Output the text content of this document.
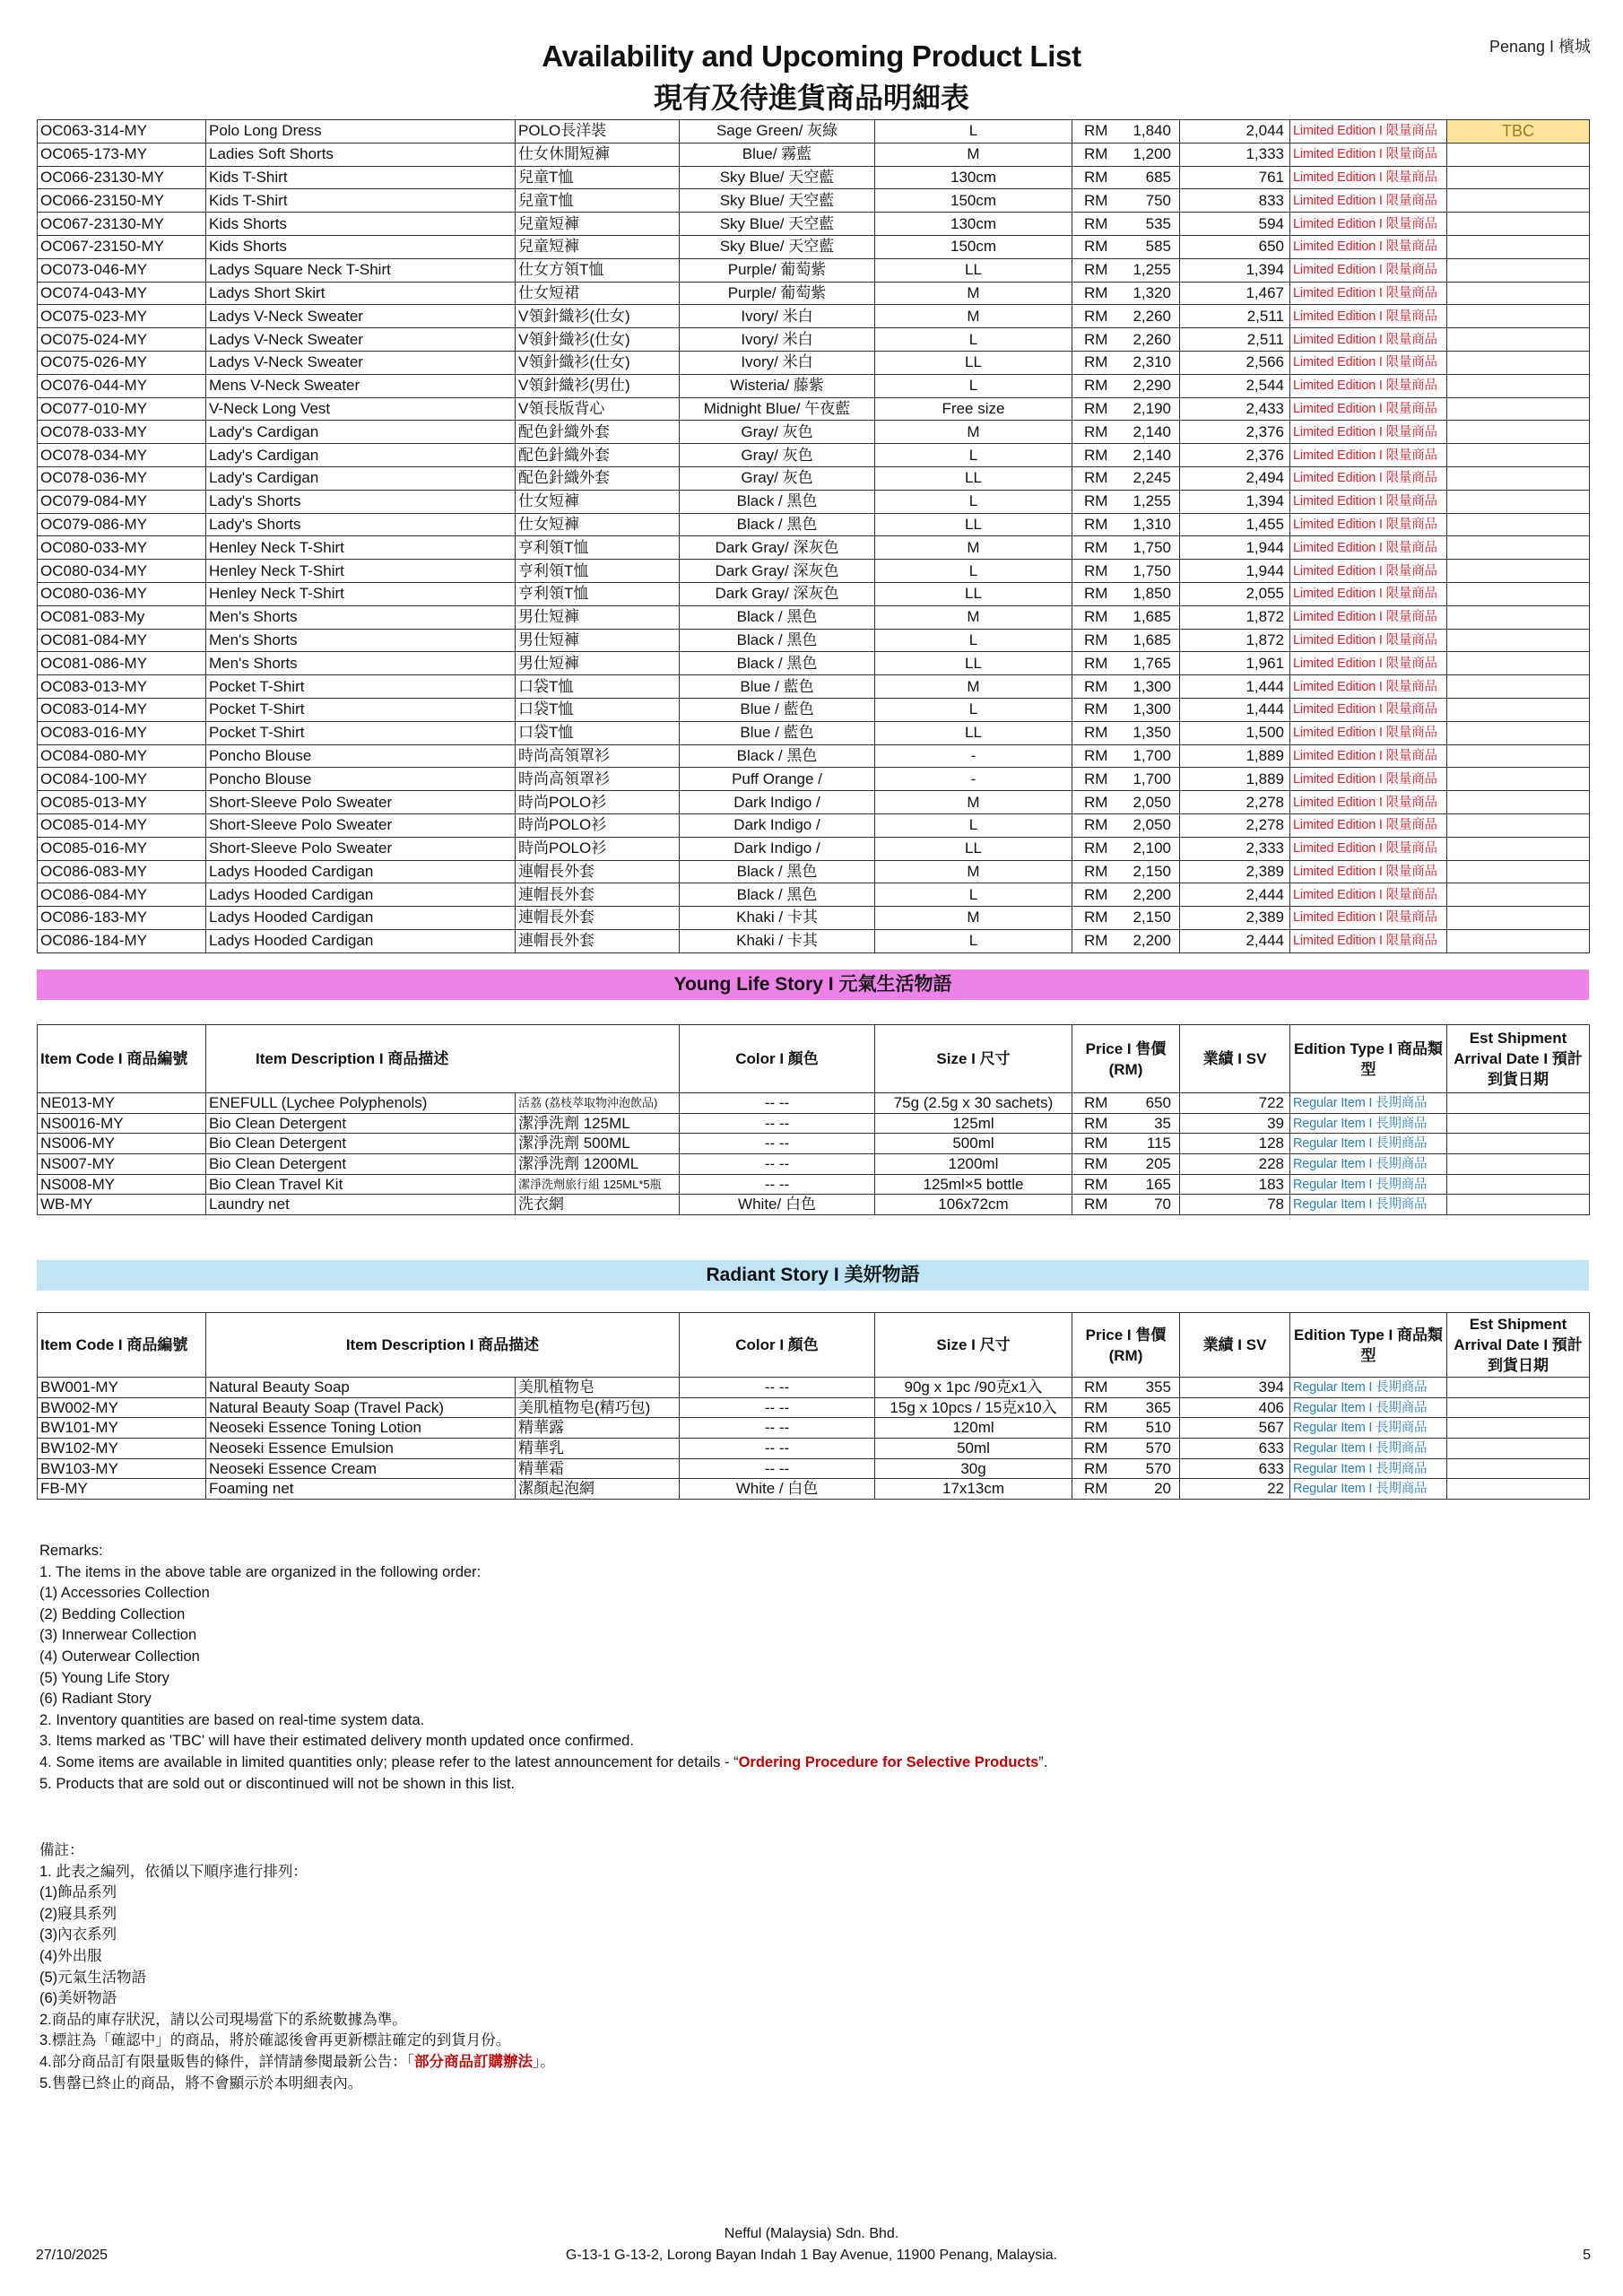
Penang I 檳城
Availability and Upcoming Product List
現有及待進貨商品明細表
OC063-314-MY	Polo Long Dress	POLO長洋裝	Sage Green/ 灰綠	L	RM 1,840	2,044	Limited Edition I 限量商品	TBC
OC065-173-MY	Ladies Soft Shorts	仕女休閒短褲	Blue/ 霧藍	M	RM 1,200	1,333	Limited Edition I 限量商品	
OC066-23130-MY	Kids T-Shirt	兒童T恤	Sky Blue/ 天空藍	130cm	RM 685	761	Limited Edition I 限量商品	
OC066-23150-MY	Kids T-Shirt	兒童T恤	Sky Blue/ 天空藍	150cm	RM 750	833	Limited Edition I 限量商品	
OC067-23130-MY	Kids Shorts	兒童短褲	Sky Blue/ 天空藍	130cm	RM 535	594	Limited Edition I 限量商品	
OC067-23150-MY	Kids Shorts	兒童短褲	Sky Blue/ 天空藍	150cm	RM 585	650	Limited Edition I 限量商品	
OC073-046-MY	Ladys Square Neck T-Shirt	仕女方領T恤	Purple/ 葡萄紫	LL	RM 1,255	1,394	Limited Edition I 限量商品	
OC074-043-MY	Ladys Short Skirt	仕女短裙	Purple/ 葡萄紫	M	RM 1,320	1,467	Limited Edition I 限量商品	
OC075-023-MY	Ladys V-Neck Sweater	V領針織衫(仕女)	Ivory/ 米白	M	RM 2,260	2,511	Limited Edition I 限量商品	
OC075-024-MY	Ladys V-Neck Sweater	V領針織衫(仕女)	Ivory/ 米白	L	RM 2,260	2,511	Limited Edition I 限量商品	
OC075-026-MY	Ladys V-Neck Sweater	V領針織衫(仕女)	Ivory/ 米白	LL	RM 2,310	2,566	Limited Edition I 限量商品	
OC076-044-MY	Mens V-Neck Sweater	V領針織衫(男仕)	Wisteria/ 藤紫	L	RM 2,290	2,544	Limited Edition I 限量商品	
OC077-010-MY	V-Neck Long Vest	V領長版背心	Midnight Blue/ 午夜藍	Free size	RM 2,190	2,433	Limited Edition I 限量商品	
OC078-033-MY	Lady's Cardigan	配色針織外套	Gray/ 灰色	M	RM 2,140	2,376	Limited Edition I 限量商品	
OC078-034-MY	Lady's Cardigan	配色針織外套	Gray/ 灰色	L	RM 2,140	2,376	Limited Edition I 限量商品	
OC078-036-MY	Lady's Cardigan	配色針織外套	Gray/ 灰色	LL	RM 2,245	2,494	Limited Edition I 限量商品	
OC079-084-MY	Lady's Shorts	仕女短褲	Black / 黑色	L	RM 1,255	1,394	Limited Edition I 限量商品	
OC079-086-MY	Lady's Shorts	仕女短褲	Black / 黑色	LL	RM 1,310	1,455	Limited Edition I 限量商品	
OC080-033-MY	Henley Neck T-Shirt	亨利領T恤	Dark Gray/ 深灰色	M	RM 1,750	1,944	Limited Edition I 限量商品	
OC080-034-MY	Henley Neck T-Shirt	亨利領T恤	Dark Gray/ 深灰色	L	RM 1,750	1,944	Limited Edition I 限量商品	
OC080-036-MY	Henley Neck T-Shirt	亨利領T恤	Dark Gray/ 深灰色	LL	RM 1,850	2,055	Limited Edition I 限量商品	
OC081-083-My	Men's Shorts	男仕短褲	Black / 黑色	M	RM 1,685	1,872	Limited Edition I 限量商品	
OC081-084-MY	Men's Shorts	男仕短褲	Black / 黑色	L	RM 1,685	1,872	Limited Edition I 限量商品	
OC081-086-MY	Men's Shorts	男仕短褲	Black / 黑色	LL	RM 1,765	1,961	Limited Edition I 限量商品	
OC083-013-MY	Pocket T-Shirt	口袋T恤	Blue / 藍色	M	RM 1,300	1,444	Limited Edition I 限量商品	
OC083-014-MY	Pocket T-Shirt	口袋T恤	Blue / 藍色	L	RM 1,300	1,444	Limited Edition I 限量商品	
OC083-016-MY	Pocket T-Shirt	口袋T恤	Blue / 藍色	LL	RM 1,350	1,500	Limited Edition I 限量商品	
OC084-080-MY	Poncho Blouse	時尚高領罩衫	Black / 黑色	-	RM 1,700	1,889	Limited Edition I 限量商品	
OC084-100-MY	Poncho Blouse	時尚高領罩衫	Puff Orange /	-	RM 1,700	1,889	Limited Edition I 限量商品	
OC085-013-MY	Short-Sleeve Polo Sweater	時尚POLO衫	Dark Indigo /	M	RM 2,050	2,278	Limited Edition I 限量商品	
OC085-014-MY	Short-Sleeve Polo Sweater	時尚POLO衫	Dark Indigo /	L	RM 2,050	2,278	Limited Edition I 限量商品	
OC085-016-MY	Short-Sleeve Polo Sweater	時尚POLO衫	Dark Indigo /	LL	RM 2,100	2,333	Limited Edition I 限量商品	
OC086-083-MY	Ladys Hooded Cardigan	連帽長外套	Black / 黑色	M	RM 2,150	2,389	Limited Edition I 限量商品	
OC086-084-MY	Ladys Hooded Cardigan	連帽長外套	Black / 黑色	L	RM 2,200	2,444	Limited Edition I 限量商品	
OC086-183-MY	Ladys Hooded Cardigan	連帽長外套	Khaki / 卡其	M	RM 2,150	2,389	Limited Edition I 限量商品	
OC086-184-MY	Ladys Hooded Cardigan	連帽長外套	Khaki / 卡其	L	RM 2,200	2,444	Limited Edition I 限量商品	
Young Life Story I 元氣生活物語
Item Code I 商品編號	Item Description I 商品描述		Color I 顏色	Size I 尺寸	Price I 售價 (RM)	業績 I SV	Edition Type I 商品類型	Est Shipment Arrival Date I 預計到貨日期
NE013-MY	ENEFULL (Lychee Polyphenols)	活荔 (荔枝萃取物沖泡飲品)	-- --	75g (2.5g x 30 sachets)	RM 650	722	Regular Item I 長期商品	
NS0016-MY	Bio Clean Detergent	潔淨洗劑 125ML	-- --	125ml	RM 35	39	Regular Item I 長期商品	
NS006-MY	Bio Clean Detergent	潔淨洗劑 500ML	-- --	500ml	RM 115	128	Regular Item I 長期商品	
NS007-MY	Bio Clean Detergent	潔淨洗劑 1200ML	-- --	1200ml	RM 205	228	Regular Item I 長期商品	
NS008-MY	Bio Clean Travel Kit	潔淨洗劑旅行組 125ML*5瓶	-- --	125ml×5 bottle	RM 165	183	Regular Item I 長期商品	
WB-MY	Laundry net	洗衣網	White/ 白色	106x72cm	RM 70	78	Regular Item I 長期商品	
Radiant Story I 美妍物語
Item Code I 商品編號	Item Description I 商品描述		Color I 顏色	Size I 尺寸	Price I 售價 (RM)	業績 I SV	Edition Type I 商品類型	Est Shipment Arrival Date I 預計到貨日期
BW001-MY	Natural Beauty Soap	美肌植物皂	-- --	90g x 1pc /90克x1入	RM 355	394	Regular Item I 長期商品	
BW002-MY	Natural Beauty Soap (Travel Pack)	美肌植物皂(精巧包)	-- --	15g x 10pcs / 15克x10入	RM 365	406	Regular Item I 長期商品	
BW101-MY	Neoseki Essence Toning Lotion	精華露	-- --	120ml	RM 510	567	Regular Item I 長期商品	
BW102-MY	Neoseki Essence Emulsion	精華乳	-- --	50ml	RM 570	633	Regular Item I 長期商品	
BW103-MY	Neoseki Essence Cream	精華霜	-- --	30g	RM 570	633	Regular Item I 長期商品	
FB-MY	Foaming net	潔顏起泡網	White / 白色	17x13cm	RM 20	22	Regular Item I 長期商品	
Remarks:
1. The items in the above table are organized in the following order:
(1) Accessories Collection
(2) Bedding Collection
(3) Innerwear Collection
(4) Outerwear Collection
(5) Young Life Story
(6) Radiant Story
2. Inventory quantities are based on real-time system data.
3. Items marked as 'TBC' will have their estimated delivery month updated once confirmed.
4. Some items are available in limited quantities only; please refer to the latest announcement for details - “Ordering Procedure for Selective Products”.
5. Products that are sold out or discontinued will not be shown in this list.
備註：
1. 此表之編列，依循以下順序進行排列：
(1)飾品系列
(2)寢具系列
(3)內衣系列
(4)外出服
(5)元氣生活物語
(6)美妍物語
2.商品的庫存狀況，請以公司現場當下的系統數據為準。
3.標註為「確認中」的商品，將於確認後會再更新標註確定的到貨月份。
4.部分商品訂有限量販售的條件，詳情請參閱最新公告：「部分商品訂購辦法」。
5.售罄已終止的商品，將不會顯示於本明細表內。
Nefful (Malaysia) Sdn. Bhd.
G-13-1 G-13-2, Lorong Bayan Indah 1 Bay Avenue, 11900 Penang, Malaysia.
27/10/2025	5
